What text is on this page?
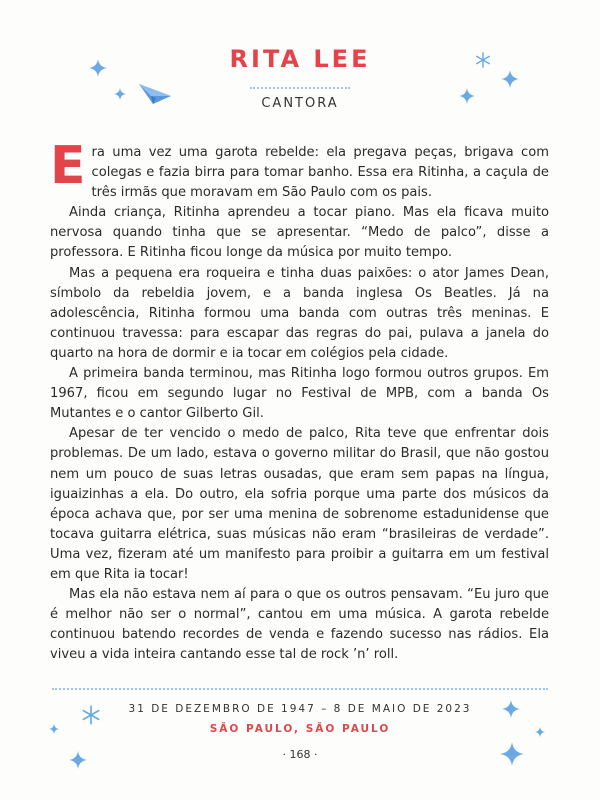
RITA LEE
CANTORA

Era uma vez uma garota rebelde: ela pregava peças, brigava com colegas e fazia birra para tomar banho. Essa era Ritinha, a caçula de três irmãs que moravam em São Paulo com os pais.

Ainda criança, Ritinha aprendeu a tocar piano. Mas ela ficava muito nervosa quando tinha que se apresentar. “Medo de palco”, disse a professora. E Ritinha ficou longe da música por muito tempo.

Mas a pequena era roqueira e tinha duas paixões: o ator James Dean, símbolo da rebeldia jovem, e a banda inglesa Os Beatles. Já na adolescência, Ritinha formou uma banda com outras três meninas. E continuou travessa: para escapar das regras do pai, pulava a janela do quarto na hora de dormir e ia tocar em colégios pela cidade.

A primeira banda terminou, mas Ritinha logo formou outros grupos. Em 1967, ficou em segundo lugar no Festival de MPB, com a banda Os Mutantes e o cantor Gilberto Gil.

Apesar de ter vencido o medo de palco, Rita teve que enfrentar dois problemas. De um lado, estava o governo militar do Brasil, que não gostou nem um pouco de suas letras ousadas, que eram sem papas na língua, iguaizinhas a ela. Do outro, ela sofria porque uma parte dos músicos da época achava que, por ser uma menina de sobrenome estadunidense que tocava guitarra elétrica, suas músicas não eram “brasileiras de verdade”. Uma vez, fizeram até um manifesto para proibir a guitarra em um festival em que Rita ia tocar!

Mas ela não estava nem aí para o que os outros pensavam. “Eu juro que é melhor não ser o normal”, cantou em uma música. A garota rebelde continuou batendo recordes de venda e fazendo sucesso nas rádios. Ela viveu a vida inteira cantando esse tal de rock ’n’ roll.

31 DE DEZEMBRO DE 1947 – 8 DE MAIO DE 2023
SÃO PAULO, SÃO PAULO
· 168 ·
